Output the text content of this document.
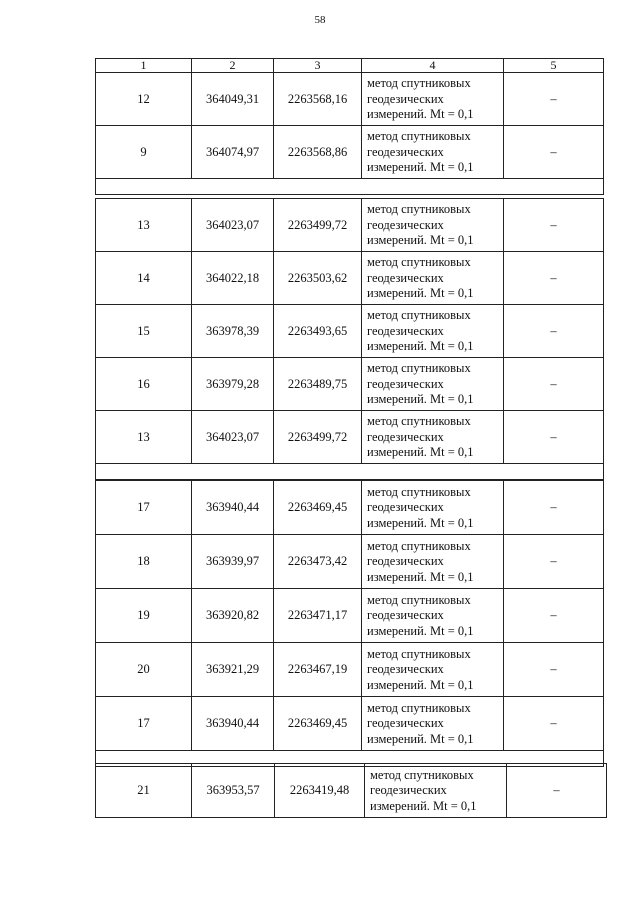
58
1	2	3	4	5
12	364049,31	2263568,16	метод спутниковых геодезических измерений. Mt = 0,1	–
9	364074,97	2263568,86	метод спутниковых геодезических измерений. Mt = 0,1	–

13	364023,07	2263499,72	метод спутниковых геодезических измерений. Mt = 0,1	–
14	364022,18	2263503,62	метод спутниковых геодезических измерений. Mt = 0,1	–
15	363978,39	2263493,65	метод спутниковых геодезических измерений. Mt = 0,1	–
16	363979,28	2263489,75	метод спутниковых геодезических измерений. Mt = 0,1	–
13	364023,07	2263499,72	метод спутниковых геодезических измерений. Mt = 0,1	–

17	363940,44	2263469,45	метод спутниковых геодезических измерений. Mt = 0,1	–
18	363939,97	2263473,42	метод спутниковых геодезических измерений. Mt = 0,1	–
19	363920,82	2263471,17	метод спутниковых геодезических измерений. Mt = 0,1	–
20	363921,29	2263467,19	метод спутниковых геодезических измерений. Mt = 0,1	–
17	363940,44	2263469,45	метод спутниковых геодезических измерений. Mt = 0,1	–

21	363953,57	2263419,48	метод спутниковых геодезических измерений. Mt = 0,1	–
